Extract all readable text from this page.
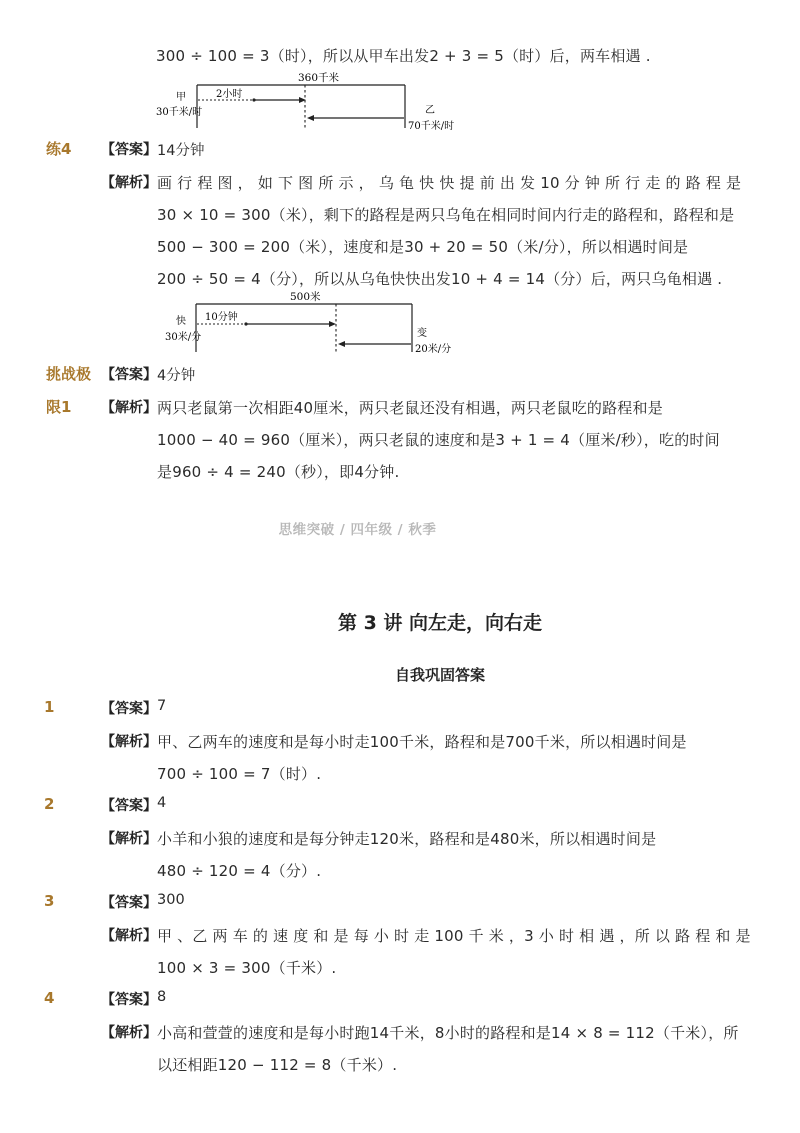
300 ÷ 100 = 3（时），所以从甲车出发2 + 3 = 5（时）后，两车相遇 .
360千米
甲
30千米/时
2小时
乙
70千米/时
练4 【答案】 14分钟
【解析】 画 行 程 图 ， 如 下 图 所 示 ， 乌 龟 快 快 提 前 出 发 10 分 钟 所 行 走 的 路 程 是
30 × 10 = 300（米），剩下的路程是两只乌龟在相同时间内行走的路程和，路程和是
500 − 300 = 200（米），速度和是30 + 20 = 50（米/分），所以相遇时间是
200 ÷ 50 = 4（分），所以从乌龟快快出发10 + 4 = 14（分）后，两只乌龟相遇 .
500米
快
30米/分
10分钟
变
20米/分
挑战极
限1
【答案】 4分钟
【解析】 两只老鼠第一次相距40厘米，两只老鼠还没有相遇，两只老鼠吃的路程和是
1000 − 40 = 960（厘米），两只老鼠的速度和是3 + 1 = 4（厘米/秒），吃的时间
是960 ÷ 4 = 240（秒），即4分钟.
思维突破 / 四年级 / 秋季
第 3 讲 向左走，向右走
自我巩固答案
1	【答案】 7
【解析】 甲、乙两车的速度和是每小时走100千米，路程和是700千米，所以相遇时间是
700 ÷ 100 = 7（时）.
2	【答案】 4
【解析】 小羊和小狼的速度和是每分钟走120米，路程和是480米，所以相遇时间是
480 ÷ 120 = 4（分）.
3	【答案】 300
【解析】 甲 、乙 两 车 的 速 度 和 是 每 小 时 走 100 千 米 ，3 小 时 相 遇 ，所 以 路 程 和 是
100 × 3 = 300（千米）.
4	【答案】 8
【解析】 小高和萱萱的速度和是每小时跑14千米，8小时的路程和是14 × 8 = 112（千米），所
以还相距120 − 112 = 8（千米）.
